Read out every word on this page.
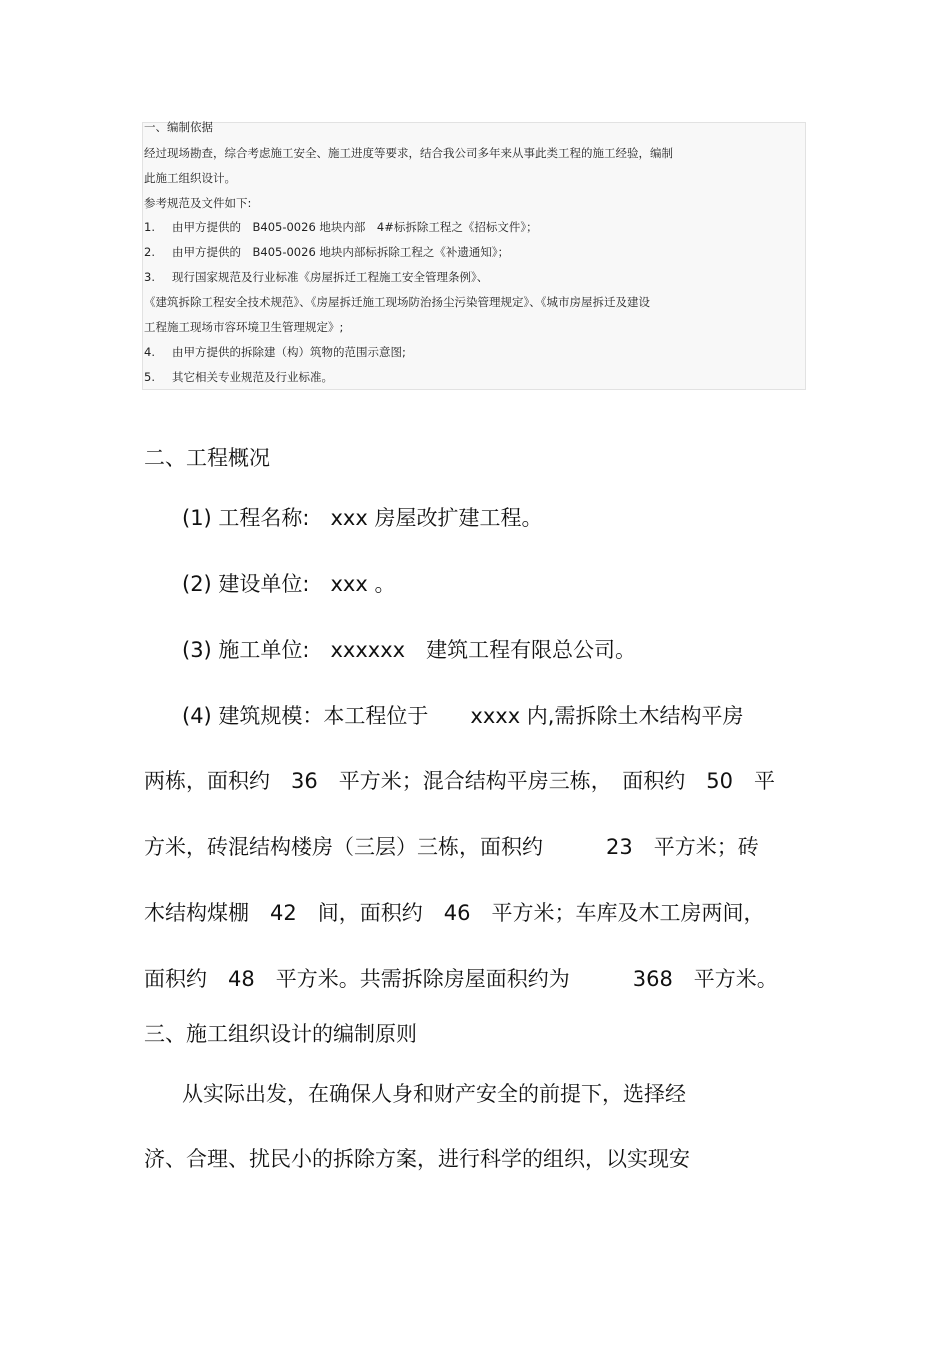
一、编制依据
经过现场勘查，综合考虑施工安全、施工进度等要求，结合我公司多年来从事此类工程的施工经验，编制
此施工组织设计。
参考规范及文件如下:
1. 由甲方提供的　B405-0026 地块内部　4#标拆除工程之《招标文件》；
2. 由甲方提供的　B405-0026 地块内部标拆除工程之《补遗通知》；
3. 现行国家规范及行业标准《房屋拆迁工程施工安全管理条例》、
《建筑拆除工程安全技术规范》、《房屋拆迁施工现场防治扬尘污染管理规定》、《城市房屋拆迁及建设
工程施工现场市容环境卫生管理规定》;
4. 由甲方提供的拆除建（构）筑物的范围示意图;
5. 其它相关专业规范及行业标准。
二、工程概况
(1) 工程名称:　xxx 房屋改扩建工程。
(2) 建设单位:　xxx 。
(3) 施工单位:　xxxxxx　建筑工程有限总公司。
(4) 建筑规模：本工程位于　　xxxx 内,需拆除土木结构平房
两栋，面积约　36　平方米；混合结构平房三栋，　面积约　50　平
方米，砖混结构楼房（三层）三栋，面积约　　　23　平方米；砖
木结构煤棚　42　间，面积约　46　平方米；车库及木工房两间，
面积约　48　平方米。共需拆除房屋面积约为　　　368　平方米。
三、施工组织设计的编制原则
从实际出发，在确保人身和财产安全的前提下，选择经
济、合理、扰民小的拆除方案，进行科学的组织，以实现安
